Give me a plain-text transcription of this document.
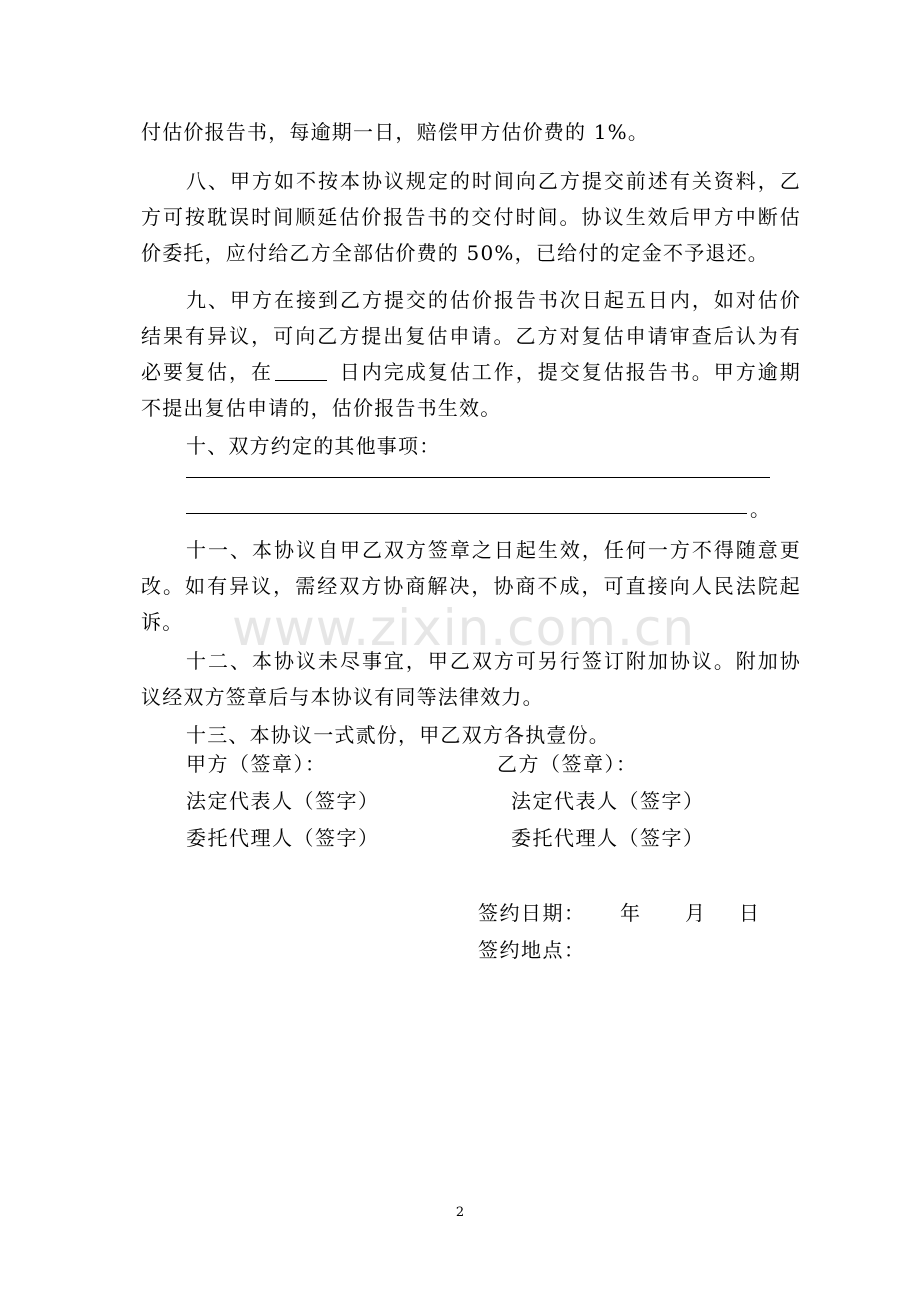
www.zixin.com.cn
付估价报告书，每逾期一日，赔偿甲方估价费的 1%。
八、甲方如不按本协议规定的时间向乙方提交前述有关资料，乙
方可按耽误时间顺延估价报告书的交付时间。协议生效后甲方中断估
价委托，应付给乙方全部估价费的 50%，已给付的定金不予退还。
九、甲方在接到乙方提交的估价报告书次日起五日内，如对估价
结果有异议，可向乙方提出复估申请。乙方对复估申请审查后认为有
必要复估，在	日内完成复估工作，提交复估报告书。甲方逾期
不提出复估申请的，估价报告书生效。
十、双方约定的其他事项：
。
十一、本协议自甲乙双方签章之日起生效，任何一方不得随意更
改。如有异议，需经双方协商解决，协商不成，可直接向人民法院起
诉。
十二、本协议未尽事宜，甲乙双方可另行签订附加协议。附加协
议经双方签章后与本协议有同等法律效力。
十三、本协议一式贰份，甲乙双方各执壹份。
甲方（签章）：	乙方（签章）：
法定代表人（签字）	法定代表人（签字）
委托代理人（签字）	委托代理人（签字）
签约日期： 年 月 日
签约地点：
2
